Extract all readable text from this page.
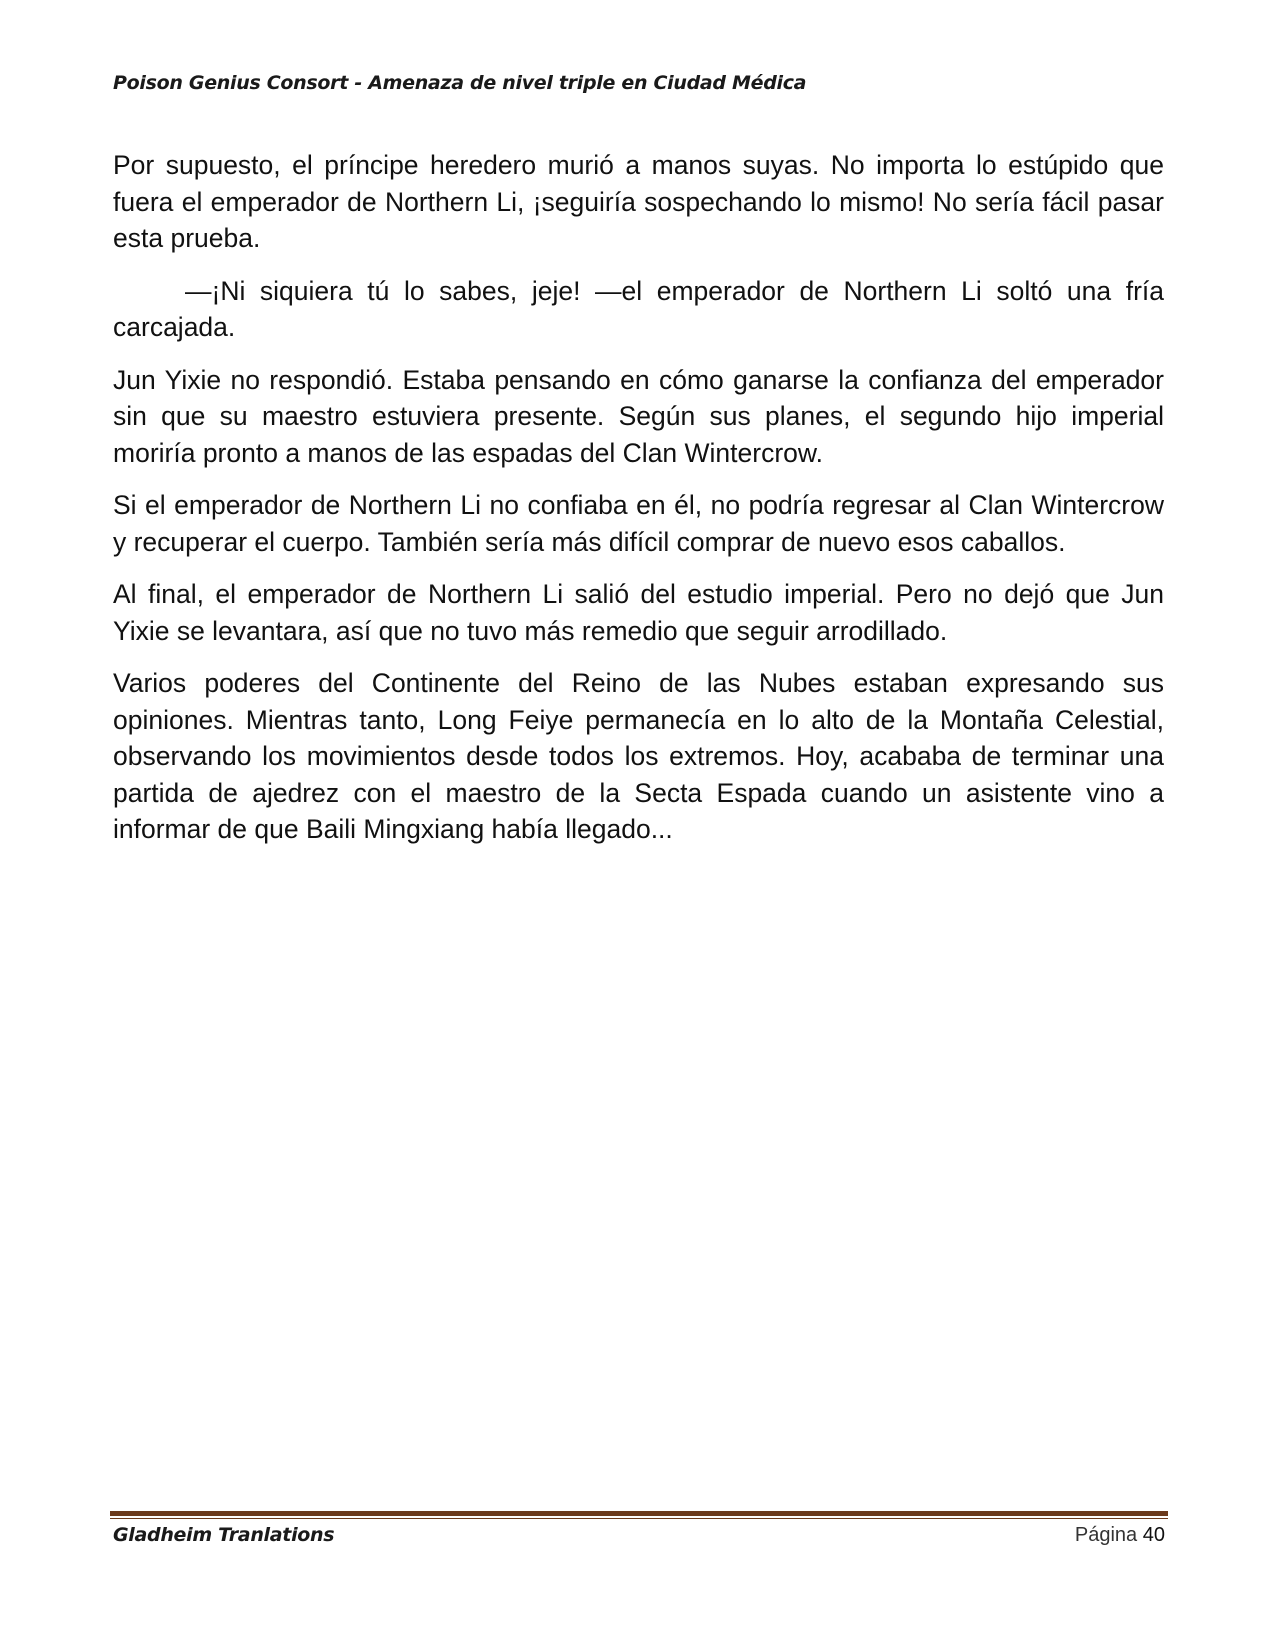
Poison Genius Consort - Amenaza de nivel triple en Ciudad Médica

Por supuesto, el príncipe heredero murió a manos suyas. No importa lo estúpido que fuera el emperador de Northern Li, ¡seguiría sospechando lo mismo! No sería fácil pasar esta prueba.

—¡Ni siquiera tú lo sabes, jeje! —el emperador de Northern Li soltó una fría carcajada.

Jun Yixie no respondió. Estaba pensando en cómo ganarse la confianza del emperador sin que su maestro estuviera presente. Según sus planes, el segundo hijo imperial moriría pronto a manos de las espadas del Clan Wintercrow.

Si el emperador de Northern Li no confiaba en él, no podría regresar al Clan Wintercrow y recuperar el cuerpo. También sería más difícil comprar de nuevo esos caballos.

Al final, el emperador de Northern Li salió del estudio imperial. Pero no dejó que Jun Yixie se levantara, así que no tuvo más remedio que seguir arrodillado.

Varios poderes del Continente del Reino de las Nubes estaban expresando sus opiniones. Mientras tanto, Long Feiye permanecía en lo alto de la Montaña Celestial, observando los movimientos desde todos los extremos. Hoy, acababa de terminar una partida de ajedrez con el maestro de la Secta Espada cuando un asistente vino a informar de que Baili Mingxiang había llegado...

Gladheim Tranlations	Página 40
